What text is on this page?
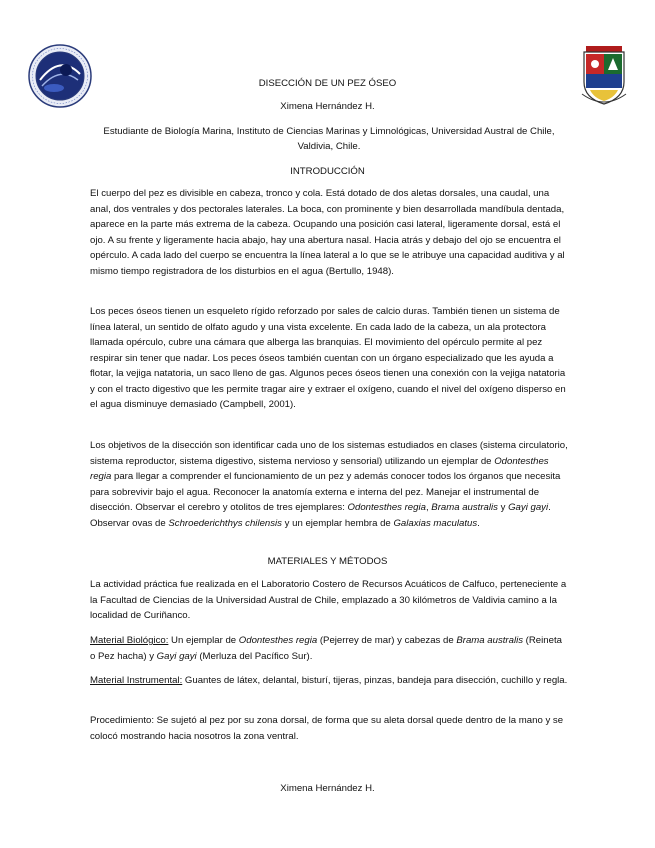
DISECCIÓN DE UN PEZ ÓSEO
Ximena Hernández H.
Estudiante de Biología Marina, Instituto de Ciencias Marinas y Limnológicas, Universidad Austral de Chile, Valdivia, Chile.
INTRODUCCIÓN

El cuerpo del pez es divisible en cabeza, tronco y cola. Está dotado de dos aletas dorsales, una caudal, una anal, dos ventrales y dos pectorales laterales. La boca, con prominente y bien desarrollada mandíbula dentada, aparece en la parte más extrema de la cabeza. Ocupando una posición casi lateral, ligeramente dorsal, está el ojo. A su frente y ligeramente hacia abajo, hay una abertura nasal. Hacia atrás y debajo del ojo se encuentra el opérculo. A cada lado del cuerpo se encuentra la línea lateral a lo que se le atribuye una capacidad auditiva y al mismo tiempo registradora de los disturbios en el agua (Bertullo, 1948).

Los peces óseos tienen un esqueleto rígido reforzado por sales de calcio duras. También tienen un sistema de línea lateral, un sentido de olfato agudo y una vista excelente. En cada lado de la cabeza, un ala protectora llamada opérculo, cubre una cámara que alberga las branquias. El movimiento del opérculo permite al pez respirar sin tener que nadar. Los peces óseos también cuentan con un órgano especializado que les ayuda a flotar, la vejiga natatoria, un saco lleno de gas. Algunos peces óseos tienen una conexión con la vejiga natatoria y con el tracto digestivo que les permite tragar aire y extraer el oxígeno, cuando el nivel del oxígeno disperso en el agua disminuye demasiado (Campbell, 2001).

Los objetivos de la disección son identificar cada uno de los sistemas estudiados en clases (sistema circulatorio, sistema reproductor, sistema digestivo, sistema nervioso y sensorial) utilizando un ejemplar de Odontesthes regia para llegar a comprender el funcionamiento de un pez y además conocer todos los órganos que necesita para sobrevivir bajo el agua. Reconocer la anatomía externa e interna del pez. Manejar el instrumental de disección. Observar el cerebro y otolitos de tres ejemplares: Odontesthes regia, Brama australis y Gayi gayi. Observar ovas de Schroederichthys chilensis y un ejemplar hembra de Galaxias maculatus.

MATERIALES Y MÉTODOS

La actividad práctica fue realizada en el Laboratorio Costero de Recursos Acuáticos de Calfuco, perteneciente a la Facultad de Ciencias de la Universidad Austral de Chile, emplazado a 30 kilómetros de Valdivia camino a la localidad de Curiñanco.

Material Biológico: Un ejemplar de Odontesthes regia (Pejerrey de mar) y cabezas de Brama australis (Reineta o Pez hacha) y Gayi gayi (Merluza del Pacífico Sur).

Material Instrumental: Guantes de látex, delantal, bisturí, tijeras, pinzas, bandeja para disección, cuchillo y regla.

Procedimiento: Se sujetó al pez por su zona dorsal, de forma que su aleta dorsal quede dentro de la mano y se colocó mostrando hacia nosotros la zona ventral.

Ximena Hernández H.
